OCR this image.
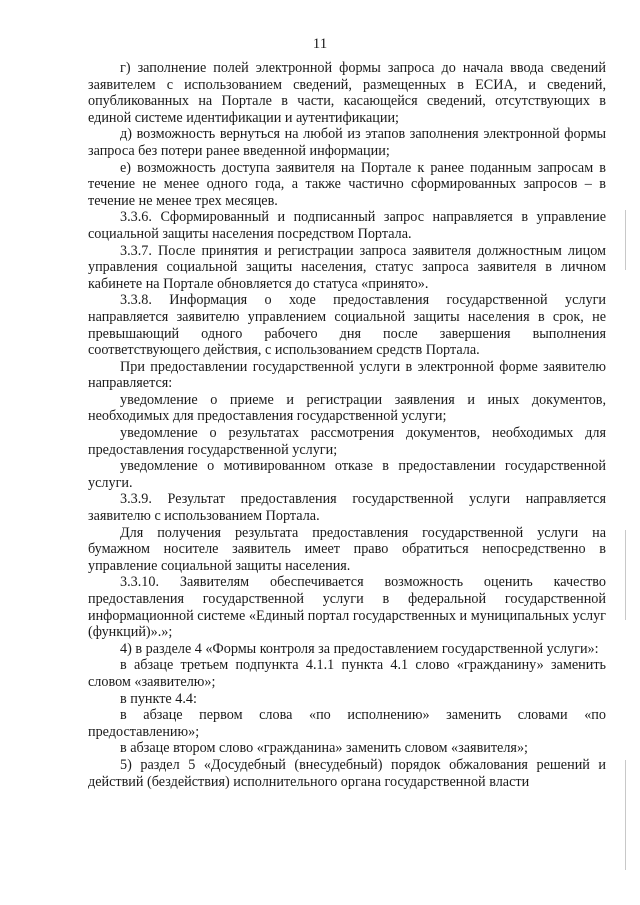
11

г) заполнение полей электронной формы запроса до начала ввода сведений заявителем с использованием сведений, размещенных в ЕСИА, и сведений, опубликованных на Портале в части, касающейся сведений, отсутствующих в единой системе идентификации и аутентификации;

д) возможность вернуться на любой из этапов заполнения электронной формы запроса без потери ранее введенной информации;

е) возможность доступа заявителя на Портале к ранее поданным запросам в течение не менее одного года, а также частично сформированных запросов – в течение не менее трех месяцев.

3.3.6. Сформированный и подписанный запрос направляется в управление социальной защиты населения посредством Портала.

3.3.7. После принятия и регистрации запроса заявителя должностным лицом управления социальной защиты населения, статус запроса заявителя в личном кабинете на Портале обновляется до статуса «принято».

3.3.8. Информация о ходе предоставления государственной услуги направляется заявителю управлением социальной защиты населения в срок, не превышающий одного рабочего дня после завершения выполнения соответствующего действия, с использованием средств Портала.

При предоставлении государственной услуги в электронной форме заявителю направляется:

уведомление о приеме и регистрации заявления и иных документов, необходимых для предоставления государственной услуги;

уведомление о результатах рассмотрения документов, необходимых для предоставления государственной услуги;

уведомление о мотивированном отказе в предоставлении государственной услуги.

3.3.9. Результат предоставления государственной услуги направляется заявителю с использованием Портала.

Для получения результата предоставления государственной услуги на бумажном носителе заявитель имеет право обратиться непосредственно в управление социальной защиты населения.

3.3.10. Заявителям обеспечивается возможность оценить качество предоставления государственной услуги в федеральной государственной информационной системе «Единый портал государственных и муниципальных услуг (функций)».»;

4) в разделе 4 «Формы контроля за предоставлением государственной услуги»:

в абзаце третьем подпункта 4.1.1 пункта 4.1 слово «гражданину» заменить словом «заявителю»;

в пункте 4.4:

в абзаце первом слова «по исполнению» заменить словами «по предоставлению»;

в абзаце втором слово «гражданина» заменить словом «заявителя»;

5) раздел 5 «Досудебный (внесудебный) порядок обжалования решений и действий (бездействия) исполнительного органа государственной власти
